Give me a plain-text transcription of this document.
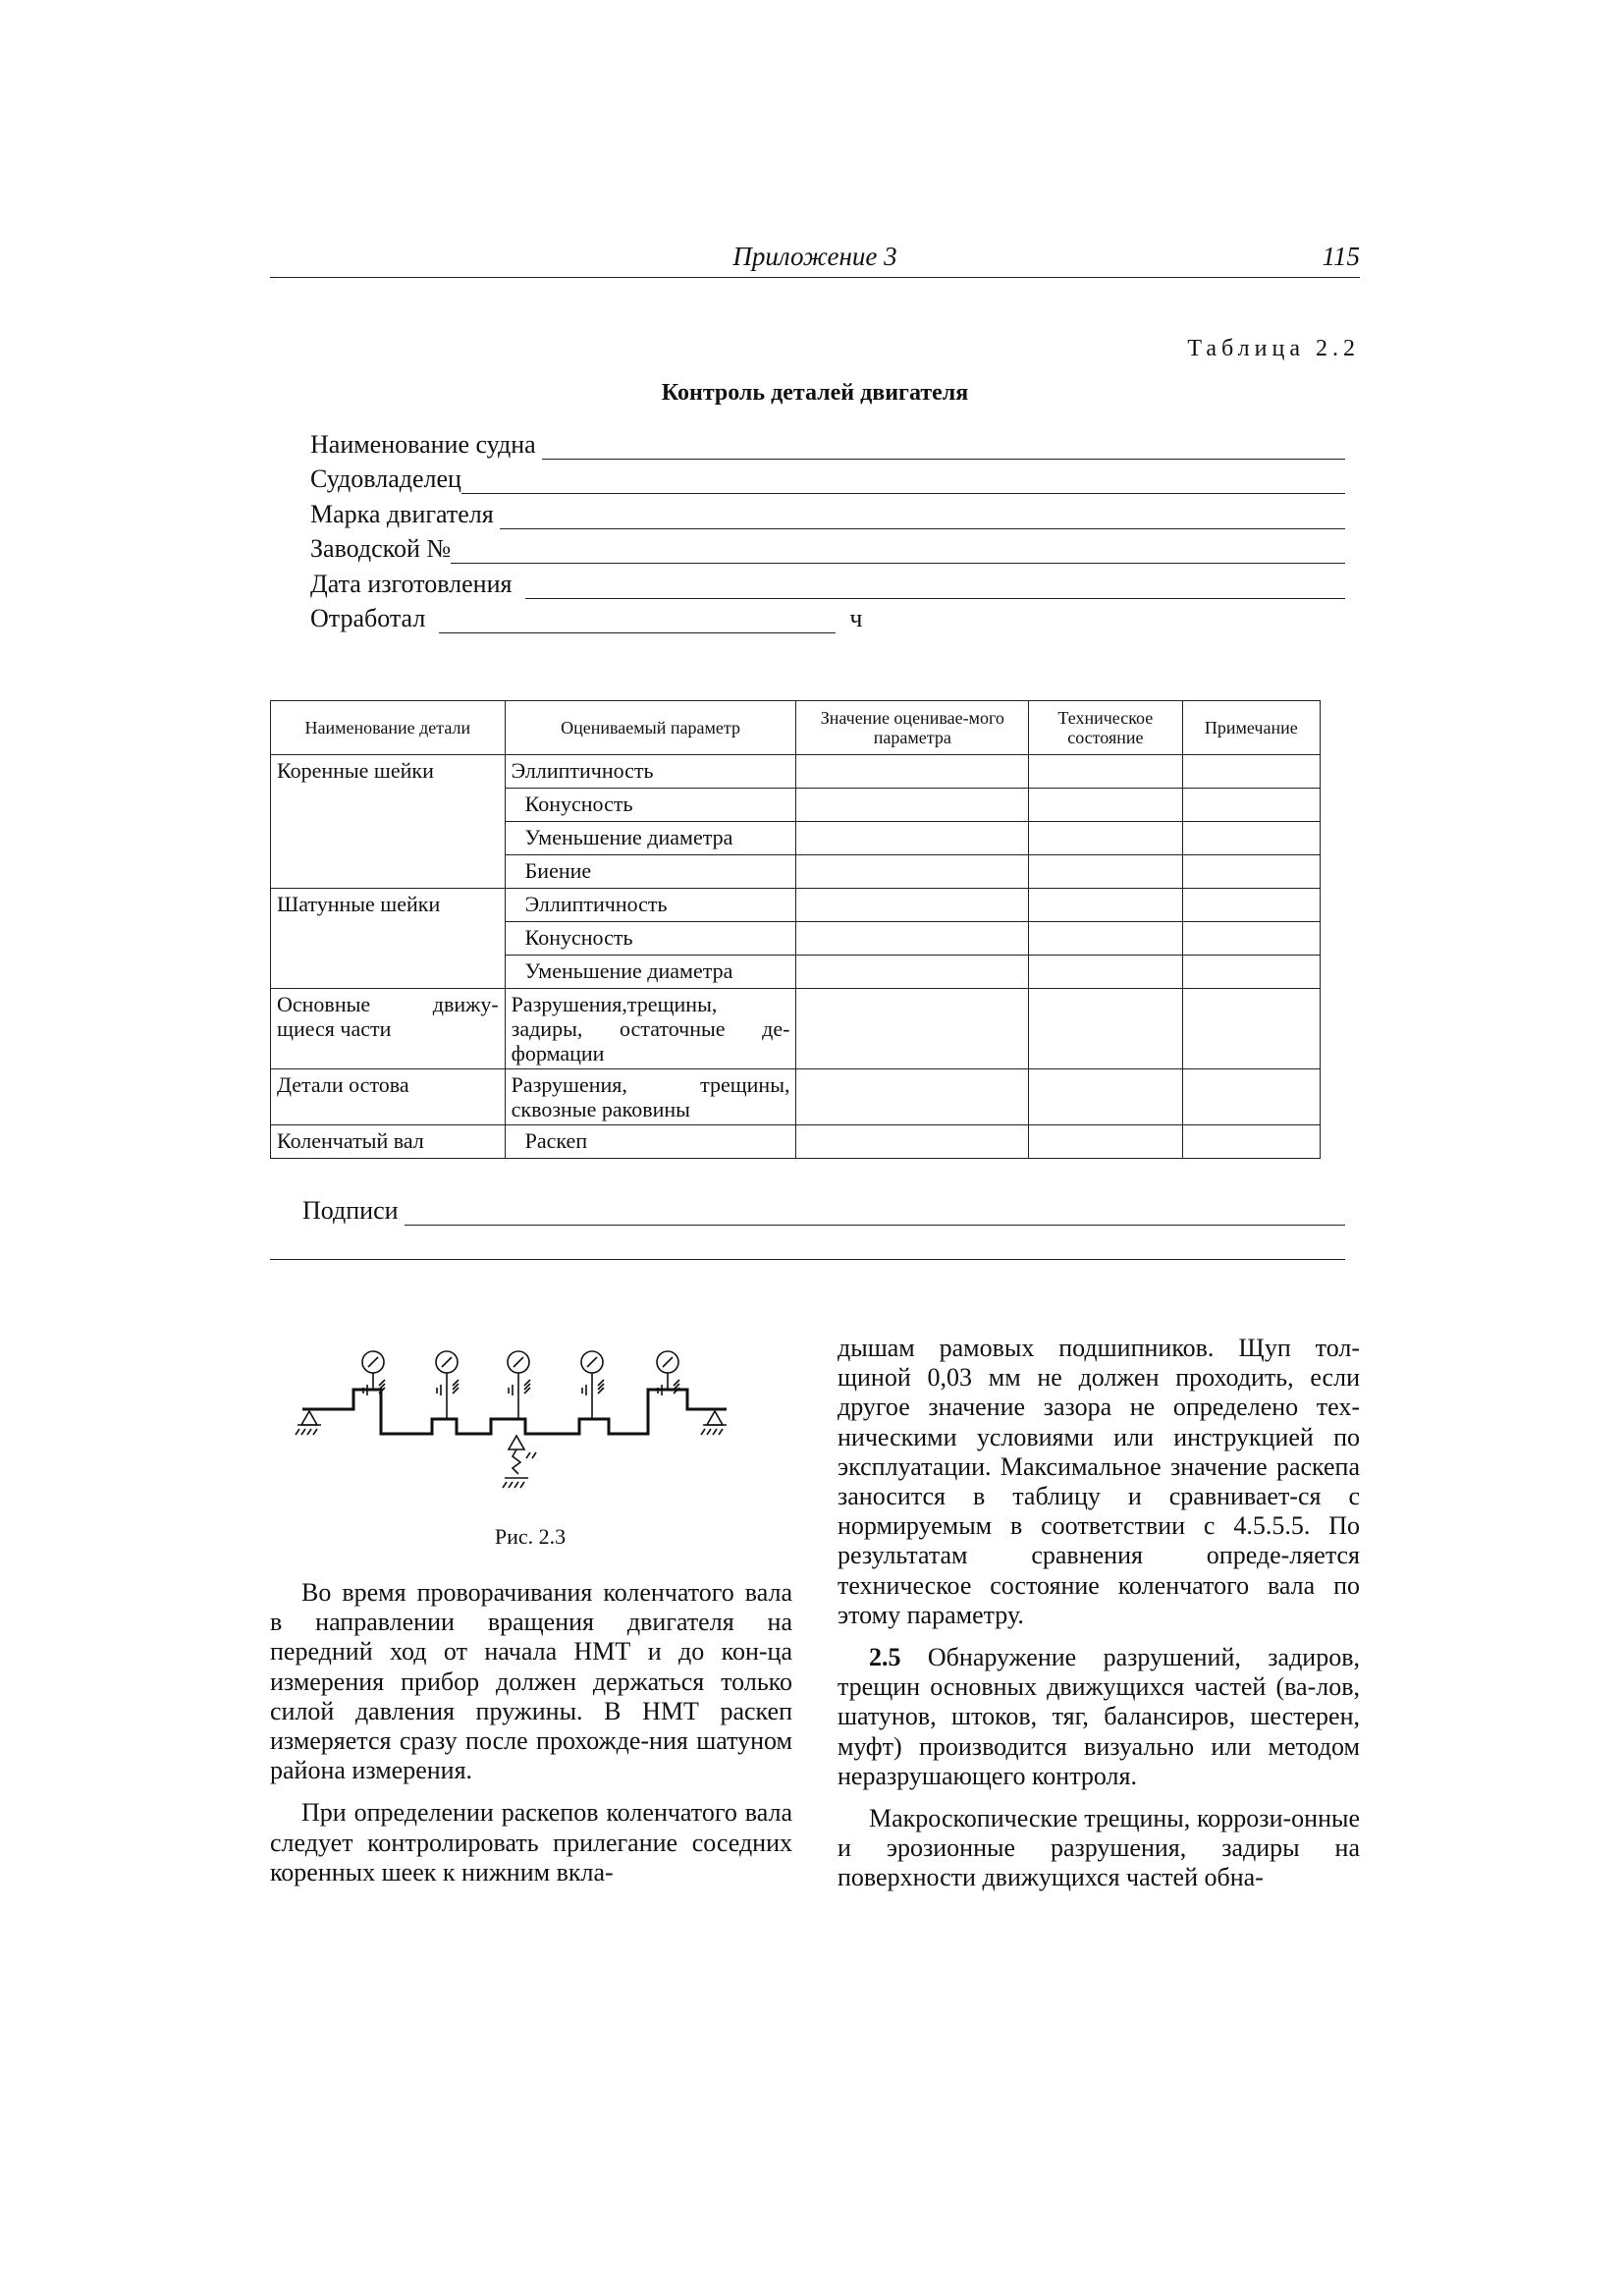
Приложение 3	115
Таблица 2.2
Контроль деталей двигателя
Наименование судна
Судовладелец
Марка двигателя
Заводской №
Дата изготовления
Отработал	ч
Наименование детали	Оцениваемый параметр	Значение оценивае-мого параметра	Техническое состояние	Примечание
Коренные шейки	Эллиптичность			
	Конусность			
	Уменьшение диаметра			
	Биение			
Шатунные шейки	Эллиптичность			
	Конусность			
	Уменьшение диаметра			
Основные движу-щиеся части	Разрушения,трещины, задиры, остаточные де-формации			
Детали остова	Разрушения, трещины, сквозные раковины			
Коленчатый вал	Раскеп			
Подписи
Рис. 2.3

Во время проворачивания коленчатого вала в направлении вращения двигателя на передний ход от начала НМТ и до кон-ца измерения прибор должен держаться только силой давления пружины. В НМТ раскеп измеряется сразу после прохожде-ния шатуном района измерения.

При определении раскепов коленчатого вала следует контролировать прилегание соседних коренных шеек к нижним вкла-

дышам рамовых подшипников. Щуп тол-щиной 0,03 мм не должен проходить, если другое значение зазора не определено тех-ническими условиями или инструкцией по эксплуатации. Максимальное значение раскепа заносится в таблицу и сравнивает-ся с нормируемым в соответствии с 4.5.5.5. По результатам сравнения опреде-ляется техническое состояние коленчатого вала по этому параметру.

2.5 Обнаружение разрушений, задиров, трещин основных движущихся частей (ва-лов, шатунов, штоков, тяг, балансиров, шестерен, муфт) производится визуально или методом неразрушающего контроля.

Макроскопические трещины, коррози-онные и эрозионные разрушения, задиры на поверхности движущихся частей обна-
